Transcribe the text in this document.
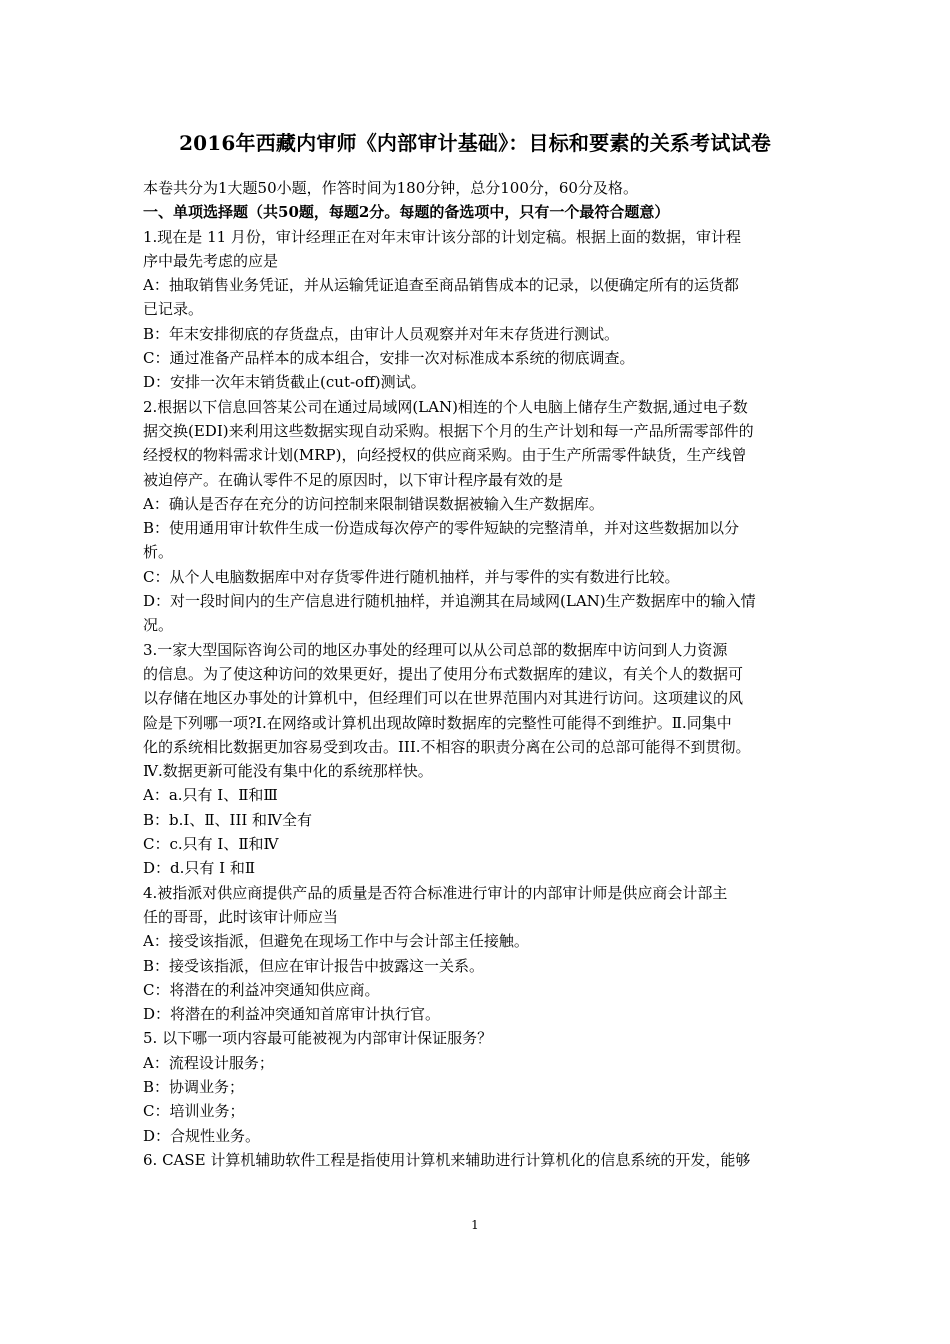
2016年西藏内审师《内部审计基础》：目标和要素的关系考试试卷
本卷共分为1大题50小题，作答时间为180分钟，总分100分，60分及格。
一、单项选择题（共50题，每题2分。每题的备选项中，只有一个最符合题意）
1.现在是 11 月份，审计经理正在对年末审计该分部的计划定稿。根据上面的数据，审计程
序中最先考虑的应是
A：抽取销售业务凭证，并从运输凭证追查至商品销售成本的记录，以便确定所有的运货都
已记录。
B：年末安排彻底的存货盘点，由审计人员观察并对年末存货进行测试。
C：通过准备产品样本的成本组合，安排一次对标准成本系统的彻底调查。
D：安排一次年末销货截止(cut-off)测试。
2.根据以下信息回答某公司在通过局域网(LAN)相连的个人电脑上储存生产数据,通过电子数
据交换(EDI)来利用这些数据实现自动采购。根据下个月的生产计划和每一产品所需零部件的
经授权的物料需求计划(MRP)，向经授权的供应商采购。由于生产所需零件缺货，生产线曾
被迫停产。在确认零件不足的原因时，以下审计程序最有效的是
A：确认是否存在充分的访问控制来限制错误数据被输入生产数据库。
B：使用通用审计软件生成一份造成每次停产的零件短缺的完整清单，并对这些数据加以分
析。
C：从个人电脑数据库中对存货零件进行随机抽样，并与零件的实有数进行比较。
D：对一段时间内的生产信息进行随机抽样，并追溯其在局域网(LAN)生产数据库中的输入情
况。
3.一家大型国际咨询公司的地区办事处的经理可以从公司总部的数据库中访问到人力资源
的信息。为了使这种访问的效果更好，提出了使用分布式数据库的建议，有关个人的数据可
以存储在地区办事处的计算机中，但经理们可以在世界范围内对其进行访问。这项建议的风
险是下列哪一项?I.在网络或计算机出现故障时数据库的完整性可能得不到维护。Ⅱ.同集中
化的系统相比数据更加容易受到攻击。III.不相容的职责分离在公司的总部可能得不到贯彻。
Ⅳ.数据更新可能没有集中化的系统那样快。
A：a.只有 I、Ⅱ和Ⅲ
B：b.I、Ⅱ、III 和Ⅳ全有
C：c.只有 I、Ⅱ和Ⅳ
D：d.只有 I 和Ⅱ
4.被指派对供应商提供产品的质量是否符合标准进行审计的内部审计师是供应商会计部主
任的哥哥，此时该审计师应当
A：接受该指派，但避免在现场工作中与会计部主任接触。
B：接受该指派，但应在审计报告中披露这一关系。
C：将潜在的利益冲突通知供应商。
D：将潜在的利益冲突通知首席审计执行官。
5. 以下哪一项内容最可能被视为内部审计保证服务？
A：流程设计服务；
B：协调业务；
C：培训业务；
D：合规性业务。
6. CASE 计算机辅助软件工程是指使用计算机来辅助进行计算机化的信息系统的开发，能够
1
